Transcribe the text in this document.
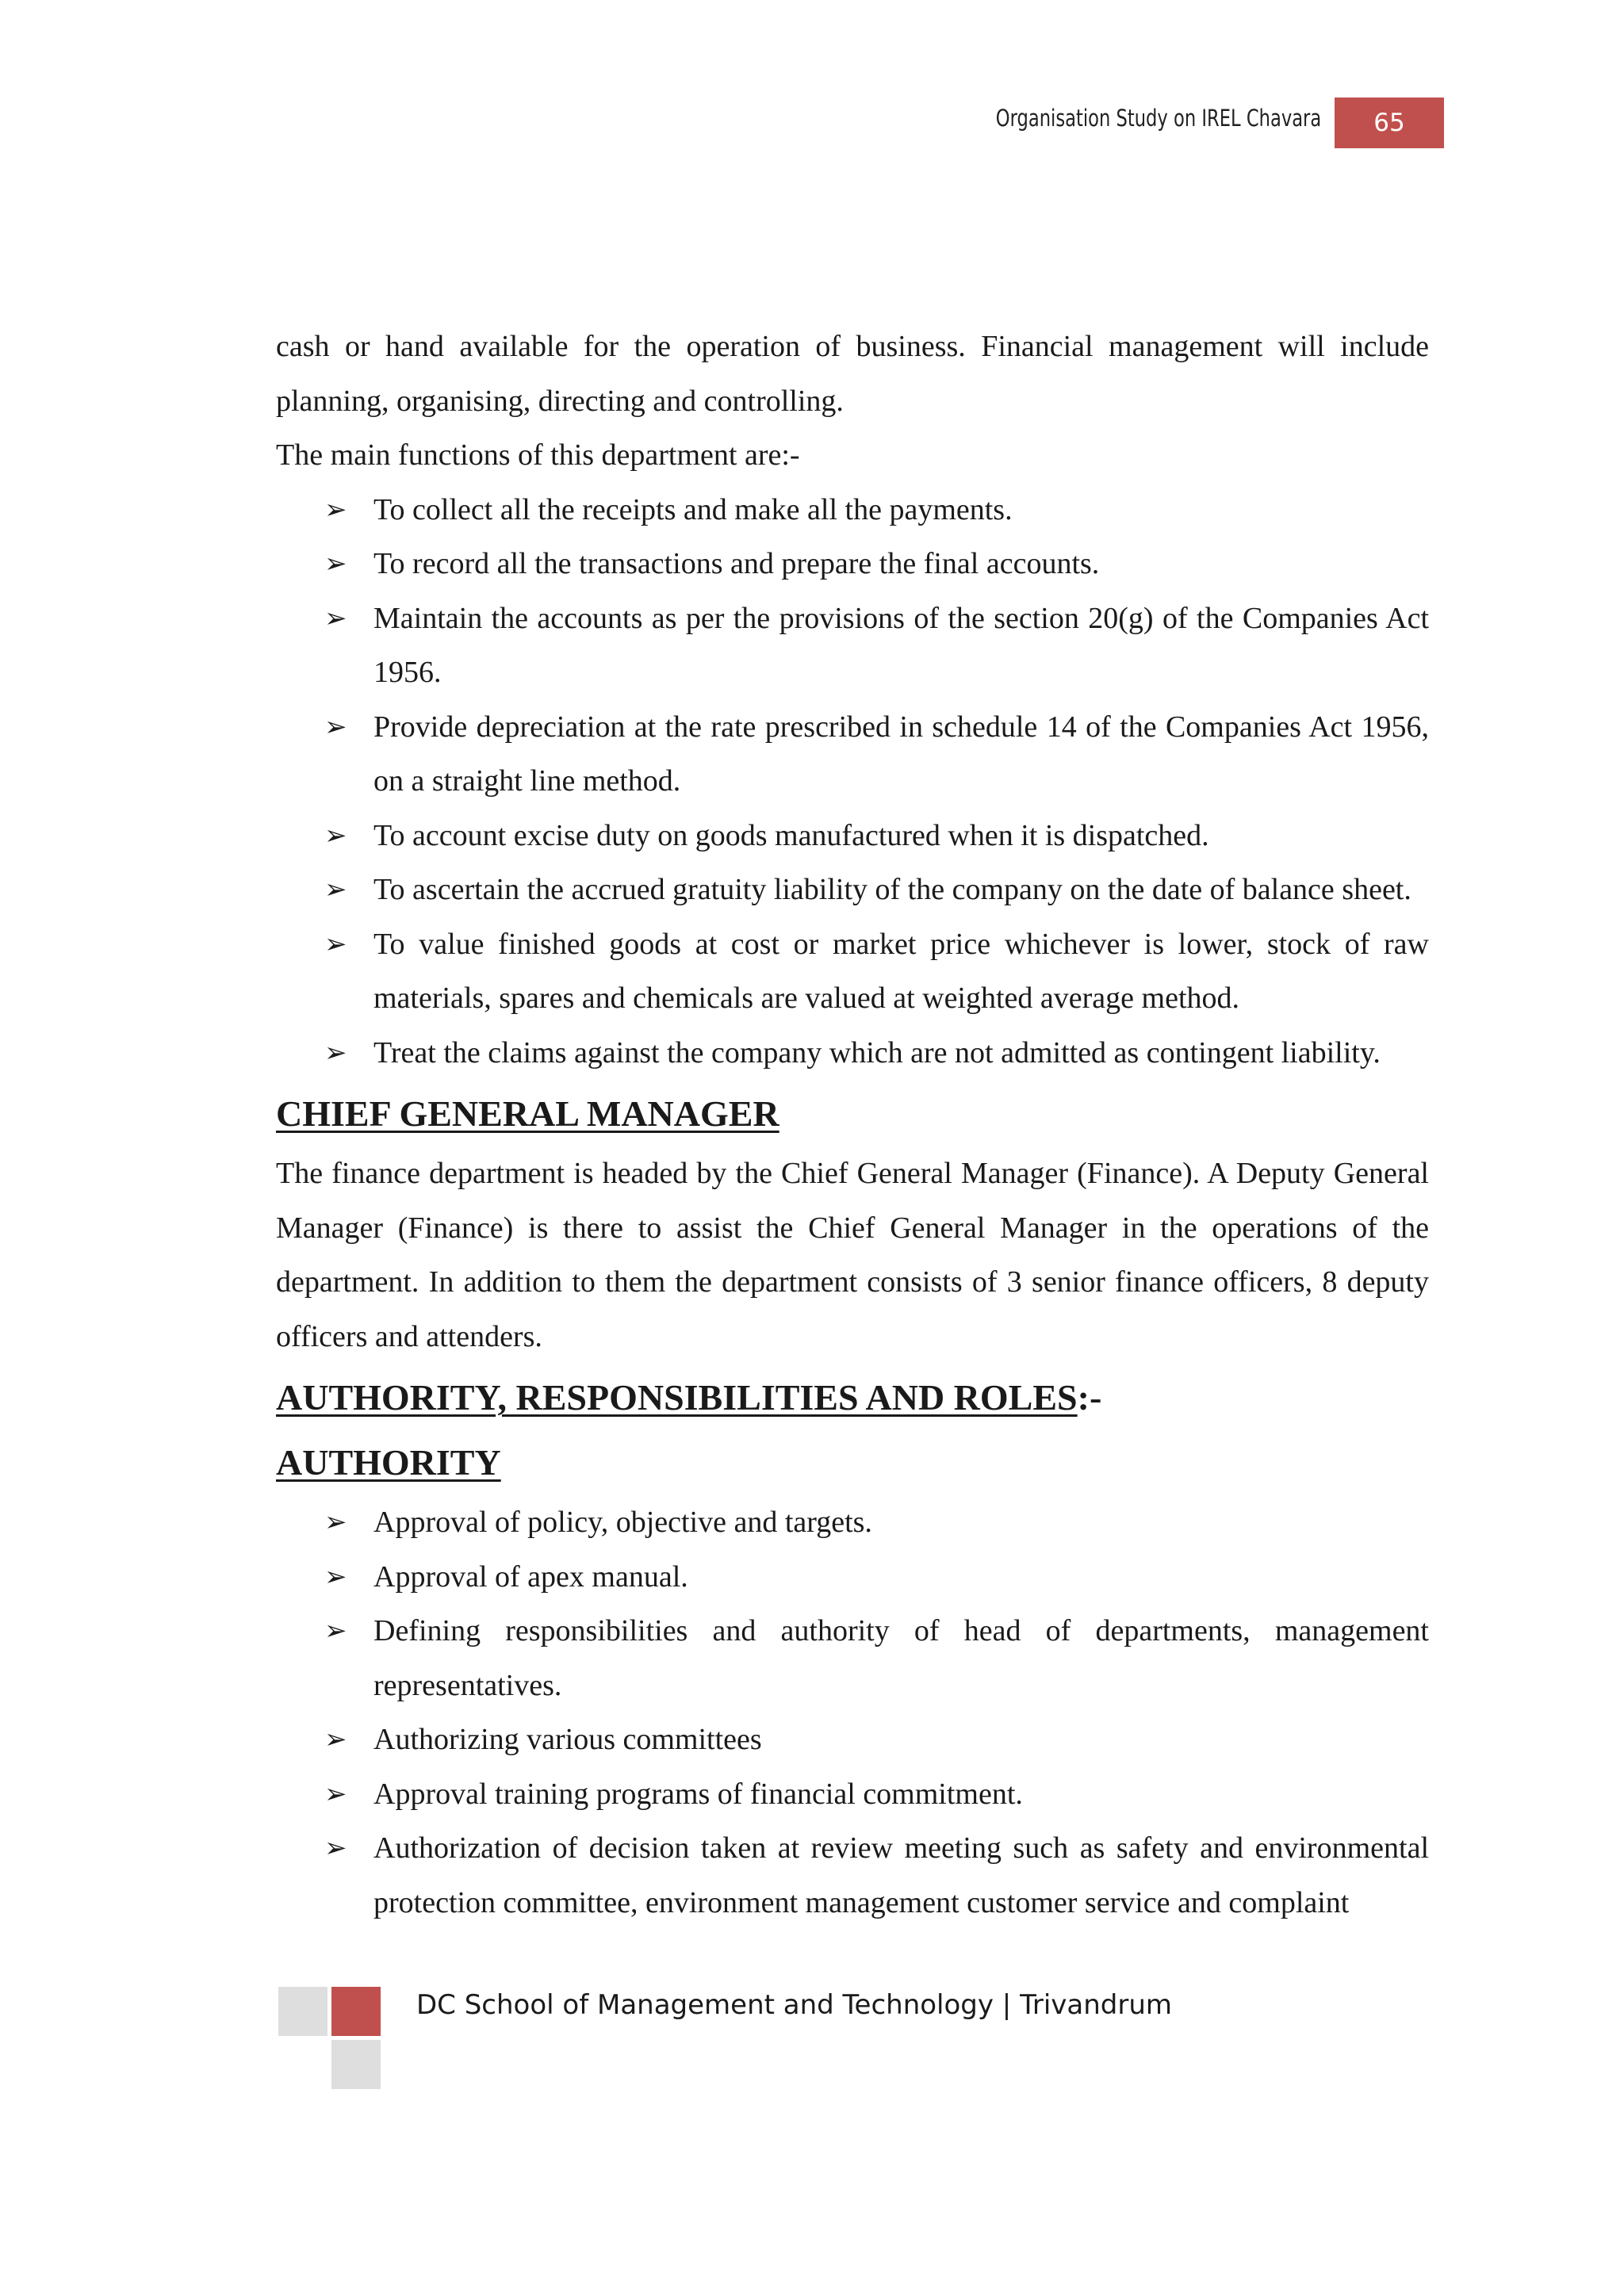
Organisation Study on IREL Chavara	65

cash or hand available for the operation of business. Financial management will include planning, organising, directing and controlling.

The main functions of this department are:-

➢ To collect all the receipts and make all the payments.
➢ To record all the transactions and prepare the final accounts.
➢ Maintain the accounts as per the provisions of the section 20(g) of the Companies Act 1956.
➢ Provide depreciation at the rate prescribed in schedule 14 of the Companies Act 1956, on a straight line method.
➢ To account excise duty on goods manufactured when it is dispatched.
➢ To ascertain the accrued gratuity liability of the company on the date of balance sheet.
➢ To value finished goods at cost or market price whichever is lower, stock of raw materials, spares and chemicals are valued at weighted average method.
➢ Treat the claims against the company which are not admitted as contingent liability.
CHIEF GENERAL MANAGER

The finance department is headed by the Chief General Manager (Finance). A Deputy General Manager (Finance) is there to assist the Chief General Manager in the operations of the department. In addition to them the department consists of 3 senior finance officers, 8 deputy officers and attenders.

AUTHORITY, RESPONSIBILITIES AND ROLES:-
AUTHORITY
➢ Approval of policy, objective and targets.
➢ Approval of apex manual.
➢ Defining responsibilities and authority of head of departments, management representatives.
➢ Authorizing various committees
➢ Approval training programs of financial commitment.
➢ Authorization of decision taken at review meeting such as safety and environmental protection committee, environment management customer service and complaint
DC School of Management and Technology | Trivandrum
